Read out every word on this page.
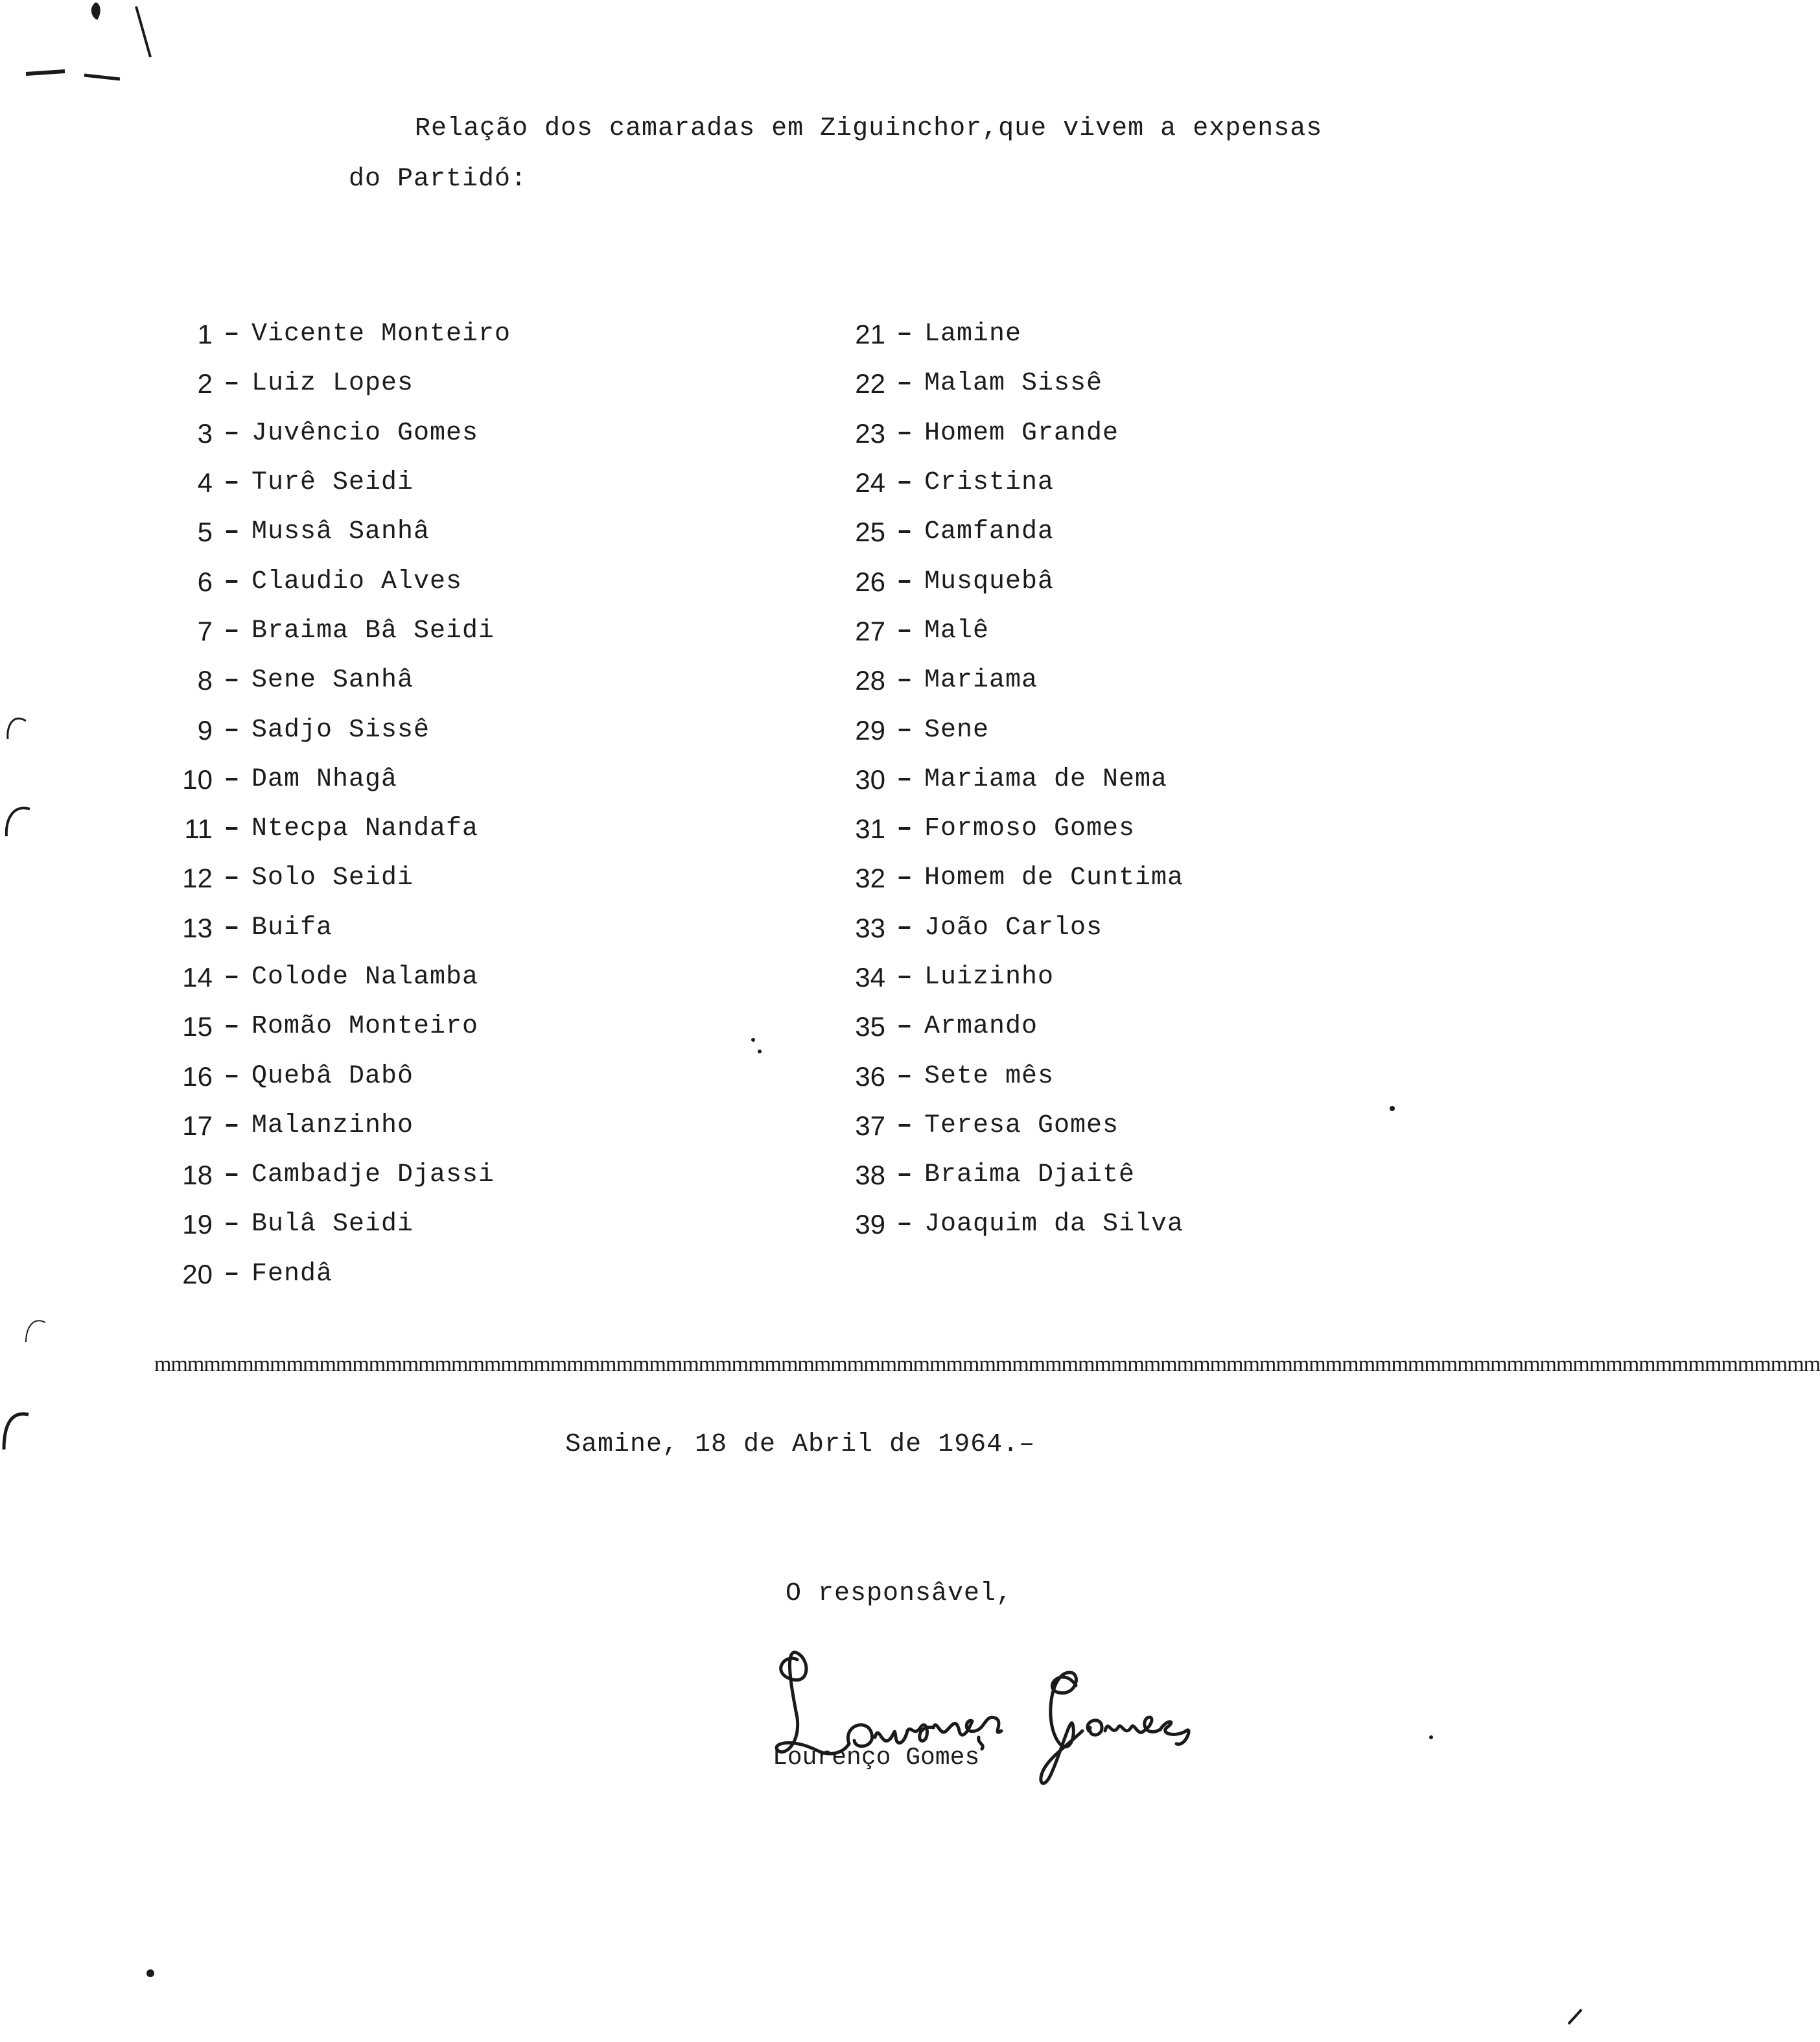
Relação dos camaradas em Ziguinchor,que vivem a expensas
do Partidó:
1 – Vicente Monteiro
2 – Luiz Lopes
3 – Juvêncio Gomes
4 – Turê Seidi
5 – Mussâ Sanhâ
6 – Claudio Alves
7 – Braima Bâ Seidi
8 – Sene Sanhâ
9 – Sadjo Sissê
10 – Dam Nhagâ
11 – Ntecpa Nandafa
12 – Solo Seidi
13 – Buifa
14 – Colode Nalamba
15 – Romão Monteiro
16 – Quebâ Dabô
17 – Malanzinho
18 – Cambadje Djassi
19 – Bulâ Seidi
20 – Fendâ
21 – Lamine
22 – Malam Sissê
23 – Homem Grande
24 – Cristina
25 – Camfanda
26 – Musquebâ
27 – Malê
28 – Mariama
29 – Sene
30 – Mariama de Nema
31 – Formoso Gomes
32 – Homem de Cuntima
33 – João Carlos
34 – Luizinho
35 – Armando
36 – Sete mês
37 – Teresa Gomes
38 – Braima Djaitê
39 – Joaquim da Silva
mmmmmmmmmmmmmmmmmmmmmmmmmmmmmmmmmmmmmmmmmmmmmmmmmmmmmmmmmmmmmmmmmmmmmmmmmmmmmmmmmmmmmmmmmmmmmmmmmmmmm
Samine, 18 de Abril de 1964.–
O responsâvel,
Lourenço Gomes
